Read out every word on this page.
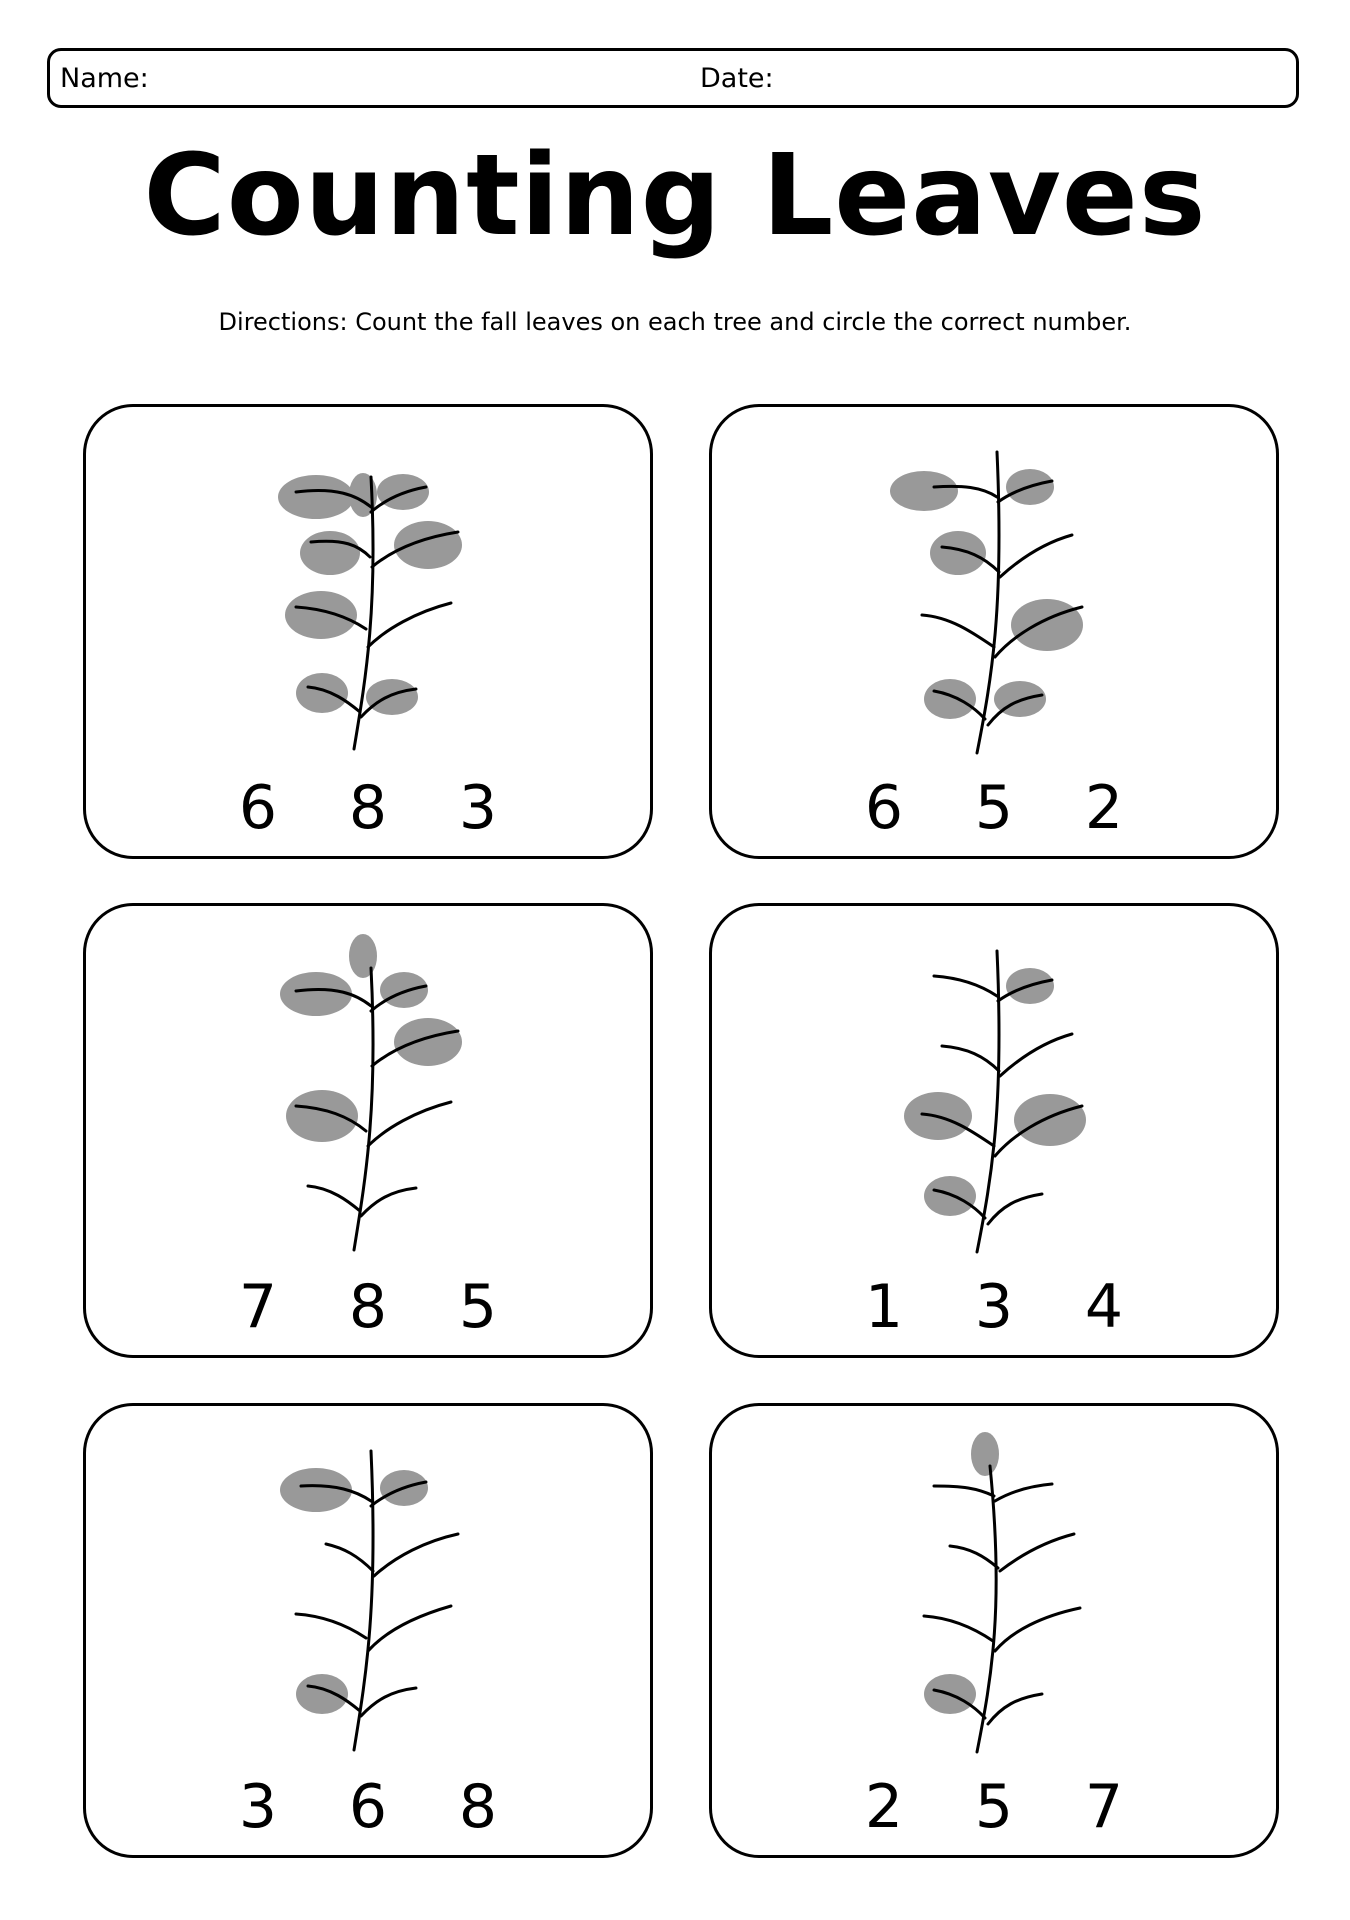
Name:	Date:
Counting Leaves
Directions: Count the fall leaves on each tree and circle the correct number.
6 8 3	6 5 2
7 8 5	1 3 4
3 6 8	2 5 7
